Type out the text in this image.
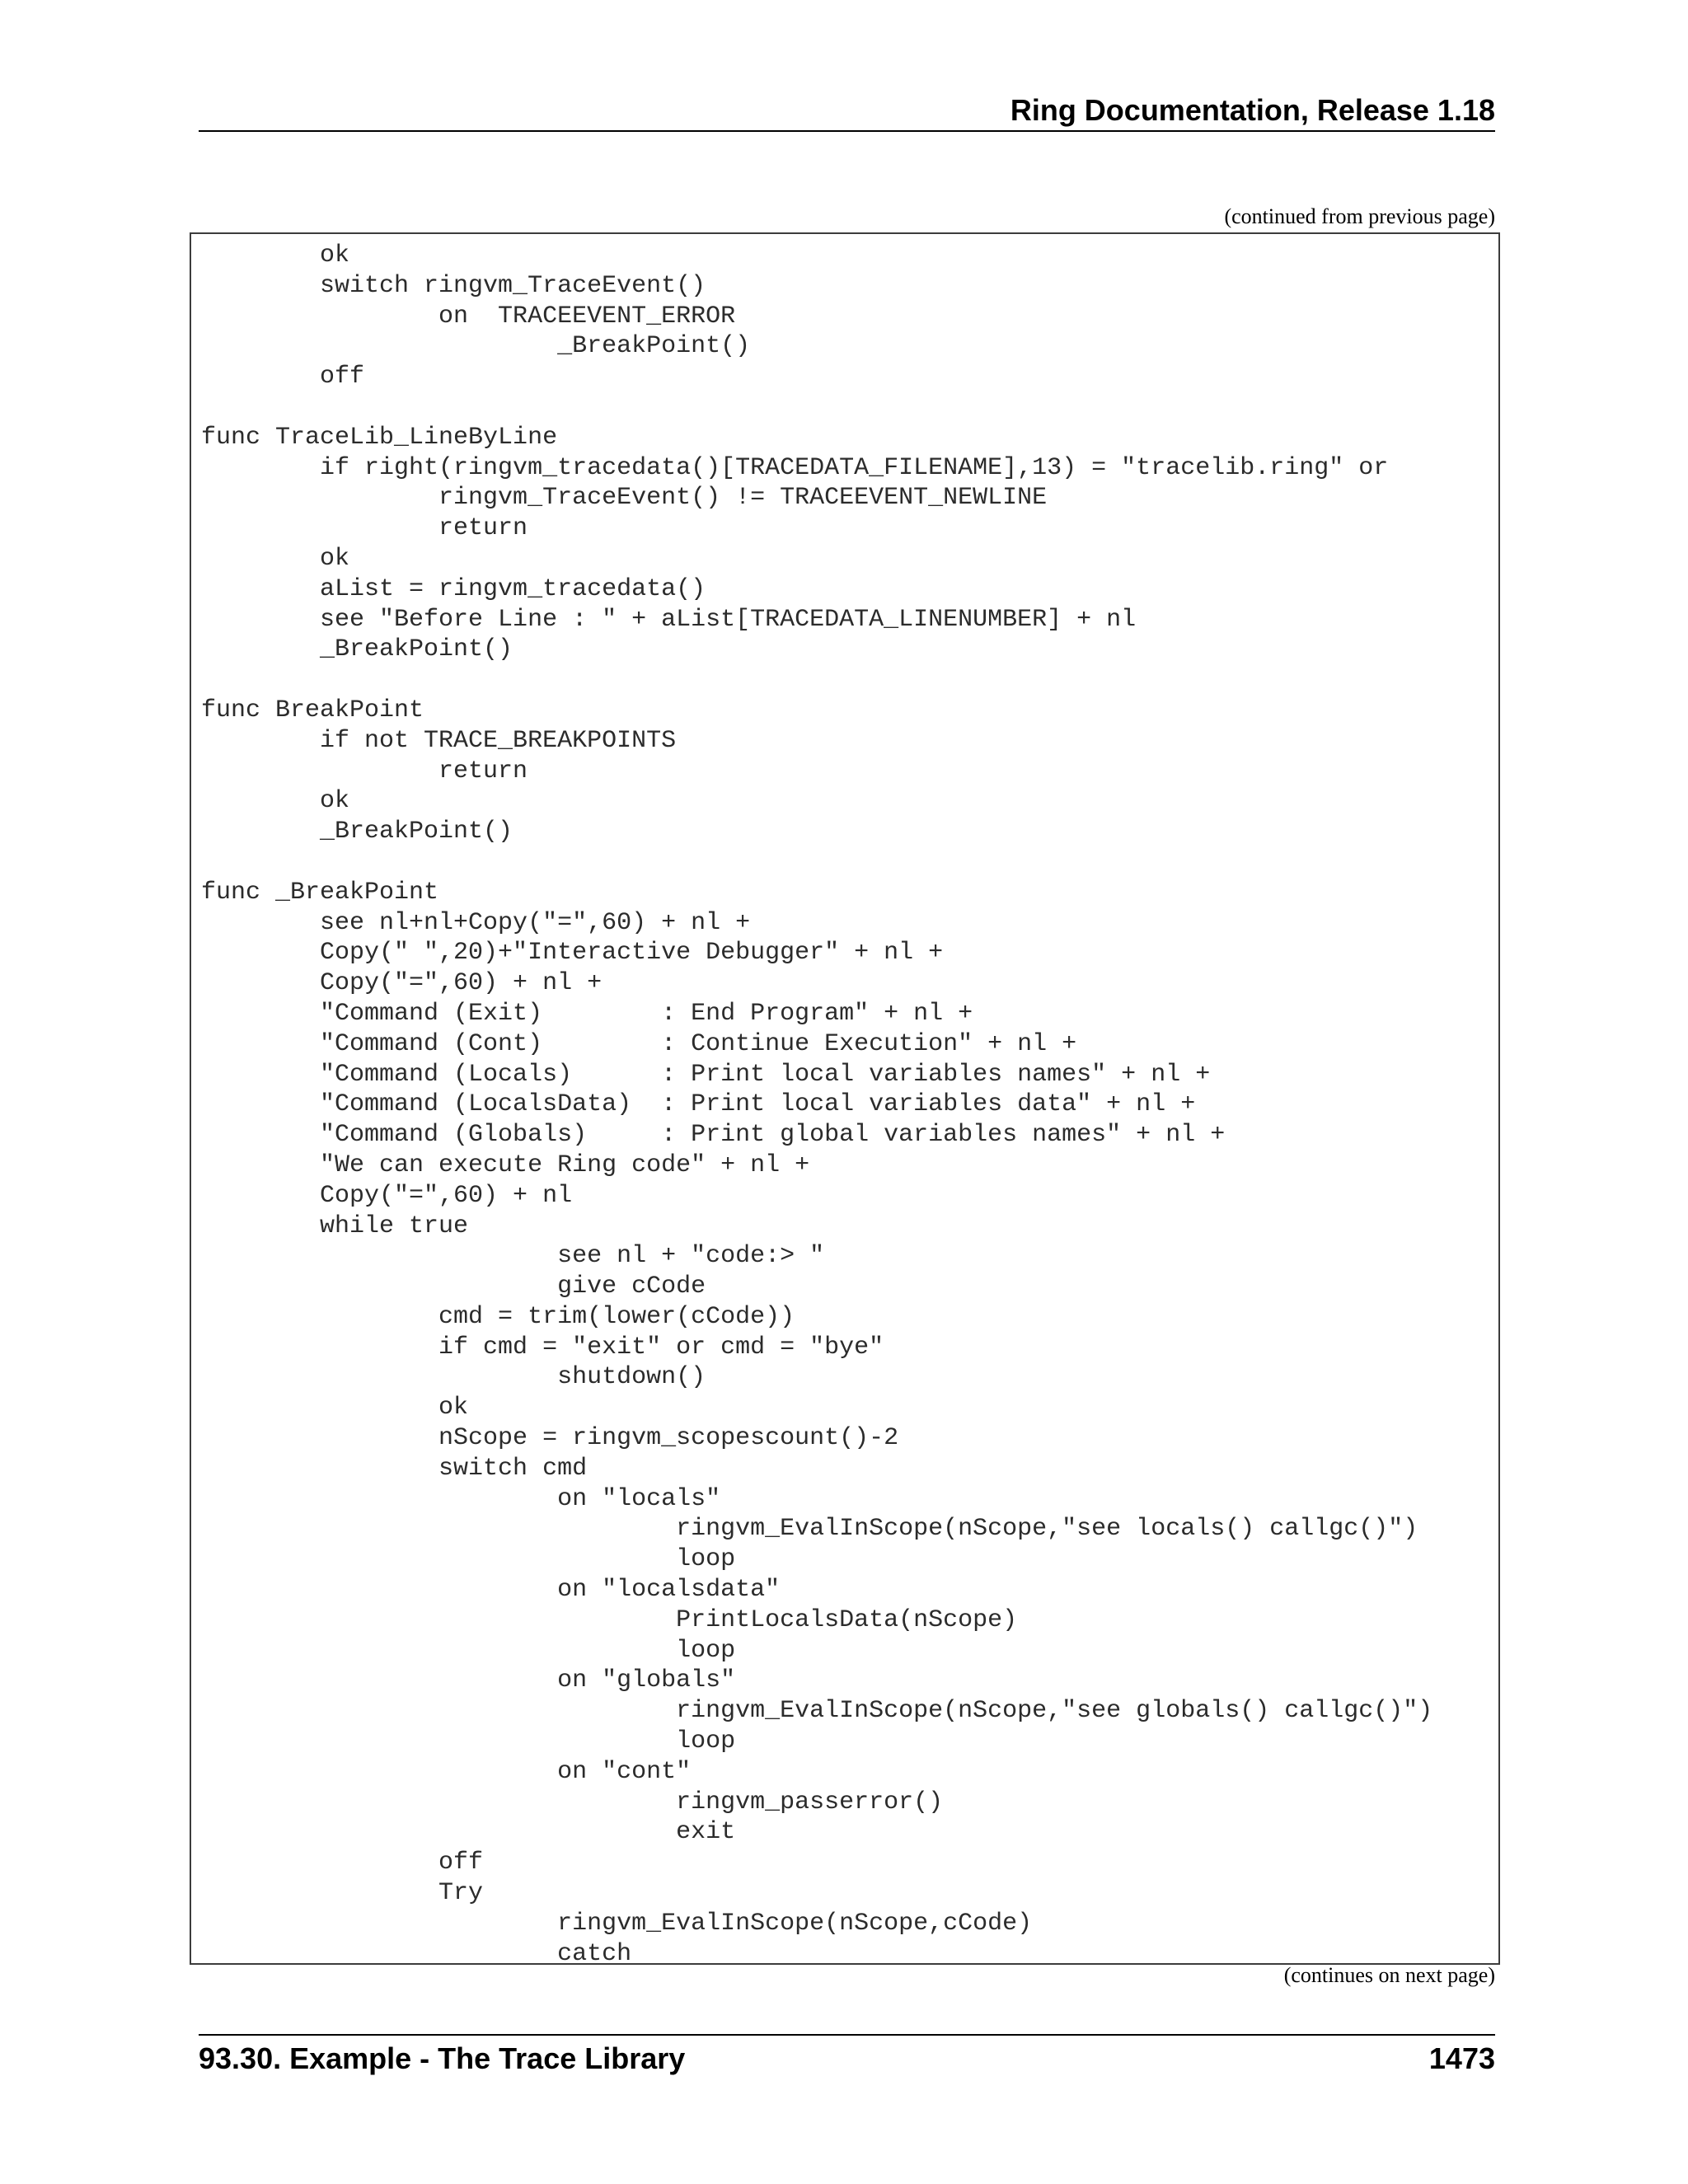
Ring Documentation, Release 1.18
(continued from previous page)
ok
switch ringvm_TraceEvent()
on  TRACEEVENT_ERROR
_BreakPoint()
off
func TraceLib_LineByLine
if right(ringvm_tracedata()[TRACEDATA_FILENAME],13) = "tracelib.ring" or
ringvm_TraceEvent() != TRACEEVENT_NEWLINE
return
ok
aList = ringvm_tracedata()
see "Before Line : " + aList[TRACEDATA_LINENUMBER] + nl
_BreakPoint()
func BreakPoint
if not TRACE_BREAKPOINTS
return
ok
_BreakPoint()
func _BreakPoint
see nl+nl+Copy("=",60) + nl +
Copy(" ",20)+"Interactive Debugger" + nl +
Copy("=",60) + nl +
"Command (Exit)        : End Program" + nl +
"Command (Cont)        : Continue Execution" + nl +
"Command (Locals)      : Print local variables names" + nl +
"Command (LocalsData)  : Print local variables data" + nl +
"Command (Globals)     : Print global variables names" + nl +
"We can execute Ring code" + nl +
Copy("=",60) + nl
while true
see nl + "code:> "
give cCode
cmd = trim(lower(cCode))
if cmd = "exit" or cmd = "bye"
shutdown()
ok
nScope = ringvm_scopescount()-2
switch cmd
on "locals"
ringvm_EvalInScope(nScope,"see locals() callgc()")
loop
on "localsdata"
PrintLocalsData(nScope)
loop
on "globals"
ringvm_EvalInScope(nScope,"see globals() callgc()")
loop
on "cont"
ringvm_passerror()
exit
off
Try
ringvm_EvalInScope(nScope,cCode)
catch
(continues on next page)
93.30. Example - The Trace Library	1473
